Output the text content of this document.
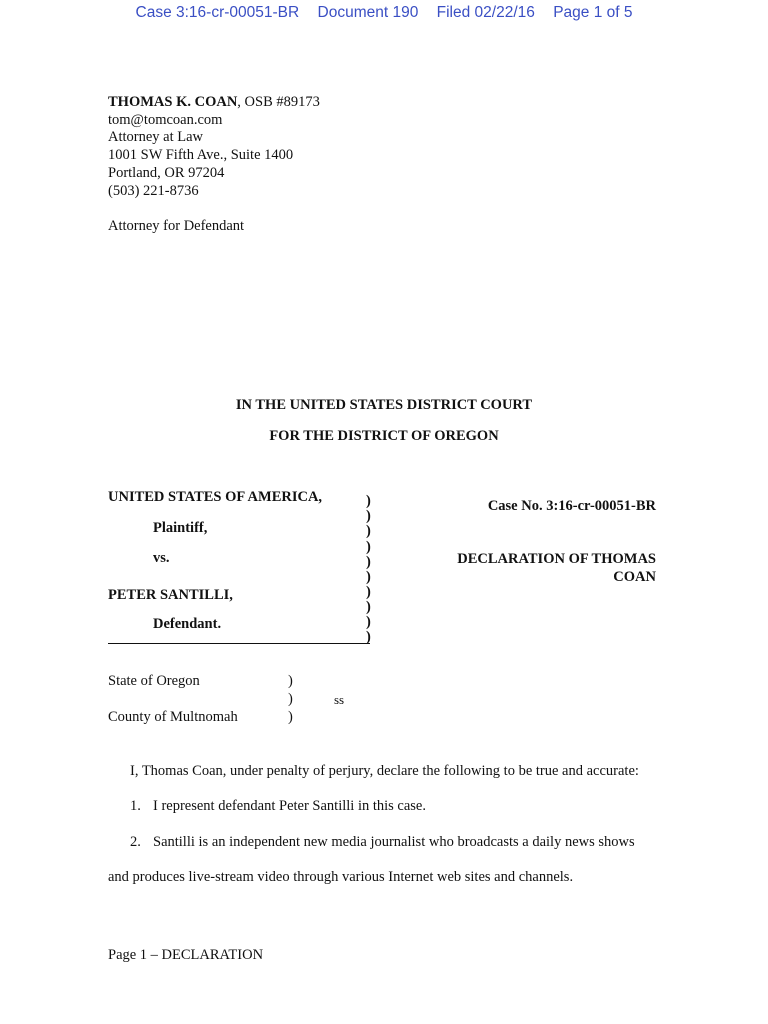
Case 3:16-cr-00051-BR Document 190 Filed 02/22/16 Page 1 of 5
THOMAS K. COAN, OSB #89173
tom@tomcoan.com
Attorney at Law
1001 SW Fifth Ave., Suite 1400
Portland, OR 97204
(503) 221-8736
Attorney for Defendant
IN THE UNITED STATES DISTRICT COURT
FOR THE DISTRICT OF OREGON
UNITED STATES OF AMERICA,
Plaintiff,
vs.
PETER SANTILLI,
Defendant.
)
)
)
)
)
)
)
)
)
)
Case No. 3:16-cr-00051-BR
DECLARATION OF THOMAS
COAN
State of Oregon	)
)	ss
County of Multnomah	)
I, Thomas Coan, under penalty of perjury, declare the following to be true and accurate:
1. I represent defendant Peter Santilli in this case.
2. Santilli is an independent new media journalist who broadcasts a daily news shows
and produces live-stream video through various Internet web sites and channels.
Page 1 – DECLARATION
